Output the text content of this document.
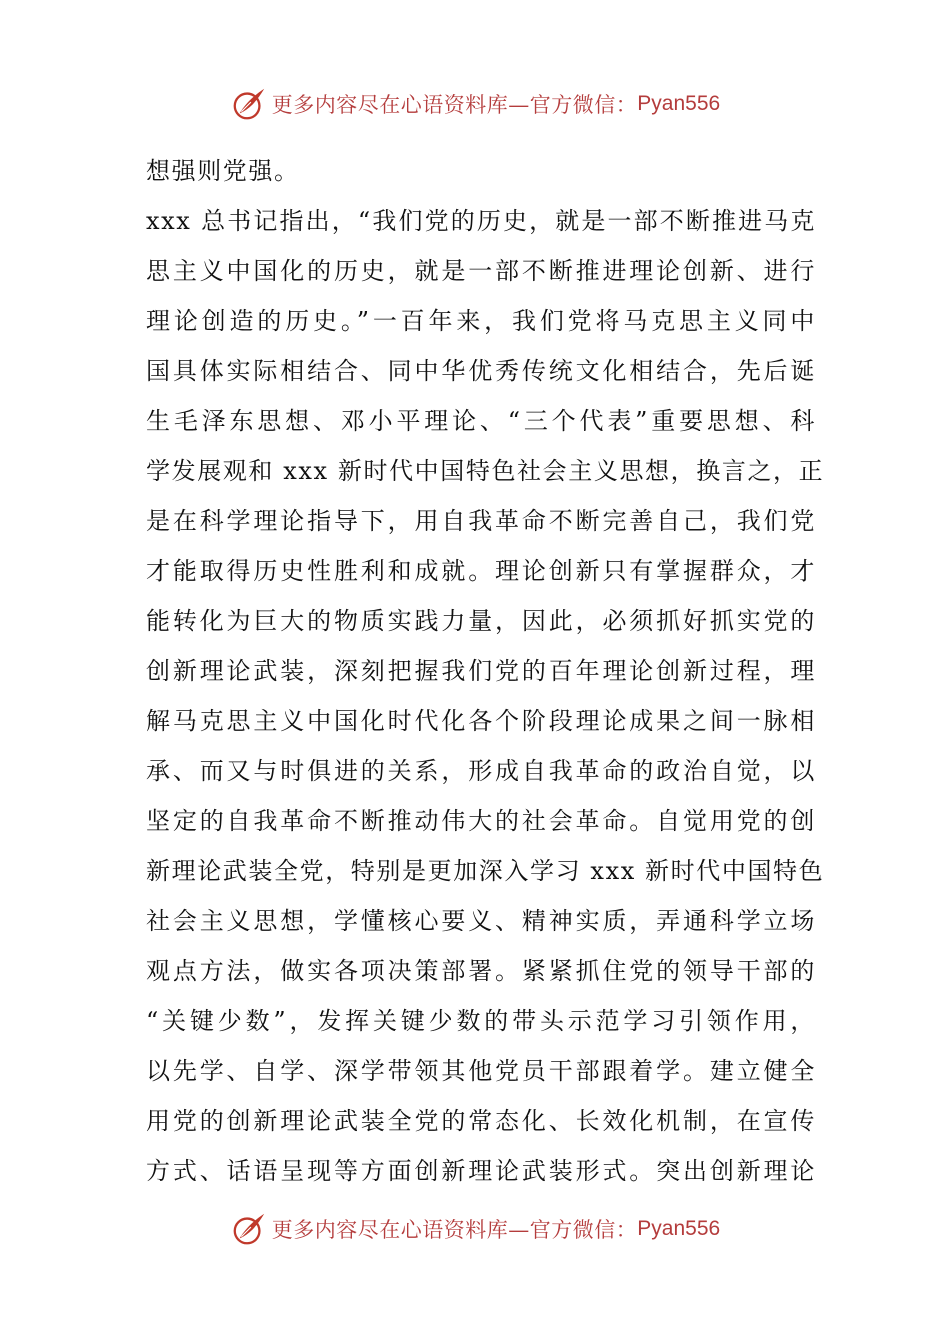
更多内容尽在心语资料库—官方微信： Pyan556
想强则党强。
xxx 总书记指出，“我们党的历史，就是一部不断推进马克
思主义中国化的历史，就是一部不断推进理论创新、进行
理论创造的历史。”一百年来，我们党将马克思主义同中
国具体实际相结合、同中华优秀传统文化相结合，先后诞
生毛泽东思想、邓小平理论、“三个代表”重要思想、科
学发展观和 xxx 新时代中国特色社会主义思想，换言之，正
是在科学理论指导下，用自我革命不断完善自己，我们党
才能取得历史性胜利和成就。理论创新只有掌握群众，才
能转化为巨大的物质实践力量，因此，必须抓好抓实党的
创新理论武装，深刻把握我们党的百年理论创新过程，理
解马克思主义中国化时代化各个阶段理论成果之间一脉相
承、而又与时俱进的关系，形成自我革命的政治自觉，以
坚定的自我革命不断推动伟大的社会革命。自觉用党的创
新理论武装全党，特别是更加深入学习 xxx 新时代中国特色
社会主义思想，学懂核心要义、精神实质，弄通科学立场
观点方法，做实各项决策部署。紧紧抓住党的领导干部的
“关键少数”，发挥关键少数的带头示范学习引领作用，
以先学、自学、深学带领其他党员干部跟着学。建立健全
用党的创新理论武装全党的常态化、长效化机制，在宣传
方式、话语呈现等方面创新理论武装形式。突出创新理论
更多内容尽在心语资料库—官方微信： Pyan556
